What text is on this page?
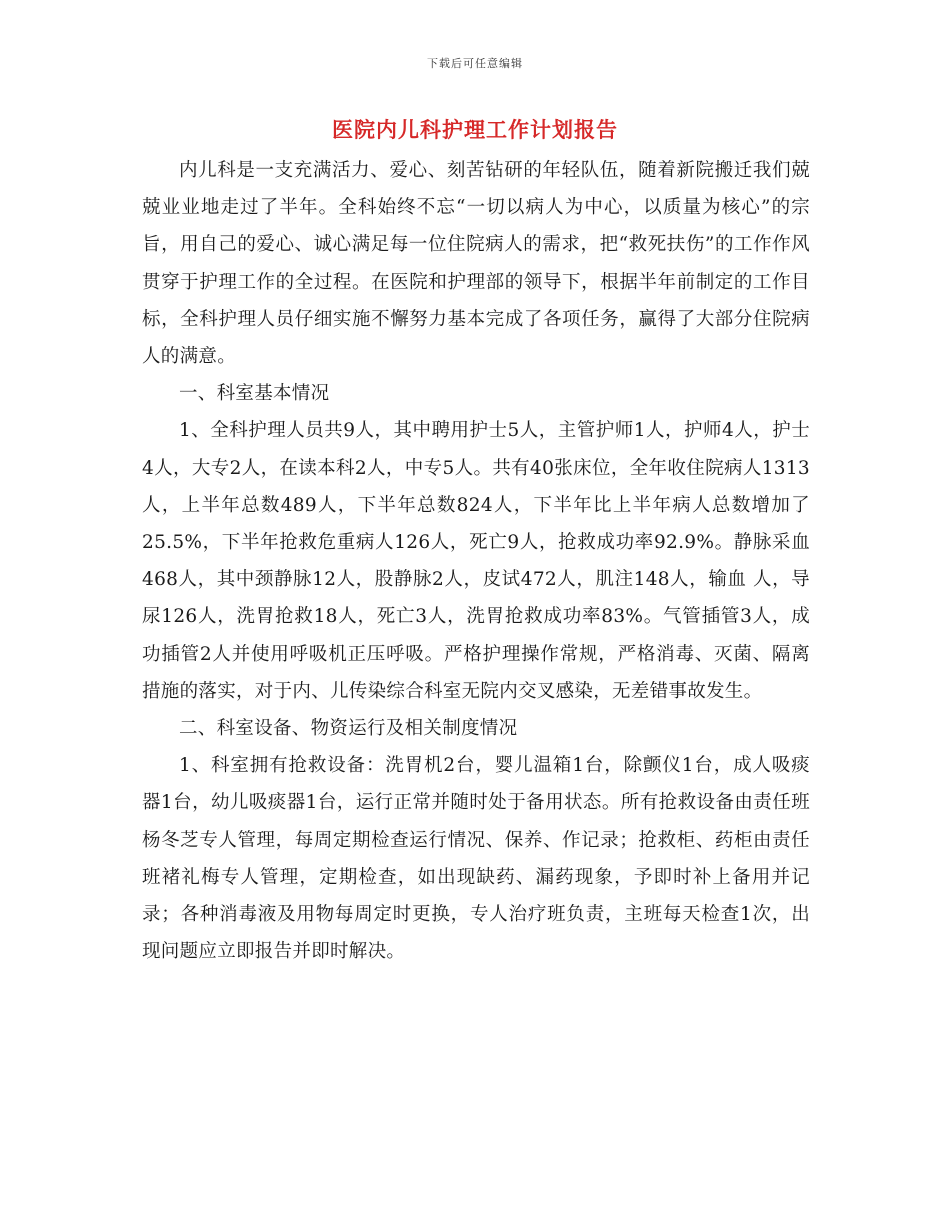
下载后可任意编辑
医院内儿科护理工作计划报告

内儿科是一支充满活力、爱心、刻苦钻研的年轻队伍，随着新院搬迁我们兢兢业业地走过了半年。全科始终不忘“一切以病人为中心，以质量为核心”的宗旨，用自己的爱心、诚心满足每一位住院病人的需求，把“救死扶伤”的工作作风贯穿于护理工作的全过程。在医院和护理部的领导下，根据半年前制定的工作目标，全科护理人员仔细实施不懈努力基本完成了各项任务，赢得了大部分住院病人的满意。

一、科室基本情况

1、全科护理人员共9人，其中聘用护士5人，主管护师1人，护师4人，护士4人，大专2人，在读本科2人，中专5人。共有40张床位，全年收住院病人1313人，上半年总数489人，下半年总数824人，下半年比上半年病人总数增加了25.5%，下半年抢救危重病人126人，死亡9人，抢救成功率92.9%。静脉采血468人，其中颈静脉12人，股静脉2人，皮试472人，肌注148人，输血 人，导尿126人，洗胃抢救18人，死亡3人，洗胃抢救成功率83%。气管插管3人，成功插管2人并使用呼吸机正压呼吸。严格护理操作常规，严格消毒、灭菌、隔离措施的落实，对于内、儿传染综合科室无院内交叉感染，无差错事故发生。

二、科室设备、物资运行及相关制度情况

1、科室拥有抢救设备：洗胃机2台，婴儿温箱1台，除颤仪1台，成人吸痰器1台，幼儿吸痰器1台，运行正常并随时处于备用状态。所有抢救设备由责任班杨冬芝专人管理，每周定期检查运行情况、保养、作记录；抢救柜、药柜由责任班褚礼梅专人管理，定期检查，如出现缺药、漏药现象，予即时补上备用并记录；各种消毒液及用物每周定时更换，专人治疗班负责，主班每天检查1次，出现问题应立即报告并即时解决。
